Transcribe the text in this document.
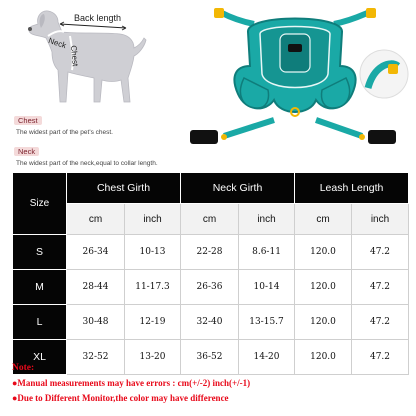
Back length
Neck
Chest
Chest
The widest part of the pet's chest.
Neck
The widest part of the neck,equal to collar length.
Size	Chest Girth		Neck Girth		Leash Length	
	cm	inch	cm	inch	cm	inch
S	26-34	10-13	22-28	8.6-11	120.0	47.2
M	28-44	11-17.3	26-36	10-14	120.0	47.2
L	30-48	12-19	32-40	13-15.7	120.0	47.2
XL	32-52	13-20	36-52	14-20	120.0	47.2
Note:
●Manual measurements may have errors : cm(+/-2) inch(+/-1)
●Due to Different Monitor,the color may have difference
